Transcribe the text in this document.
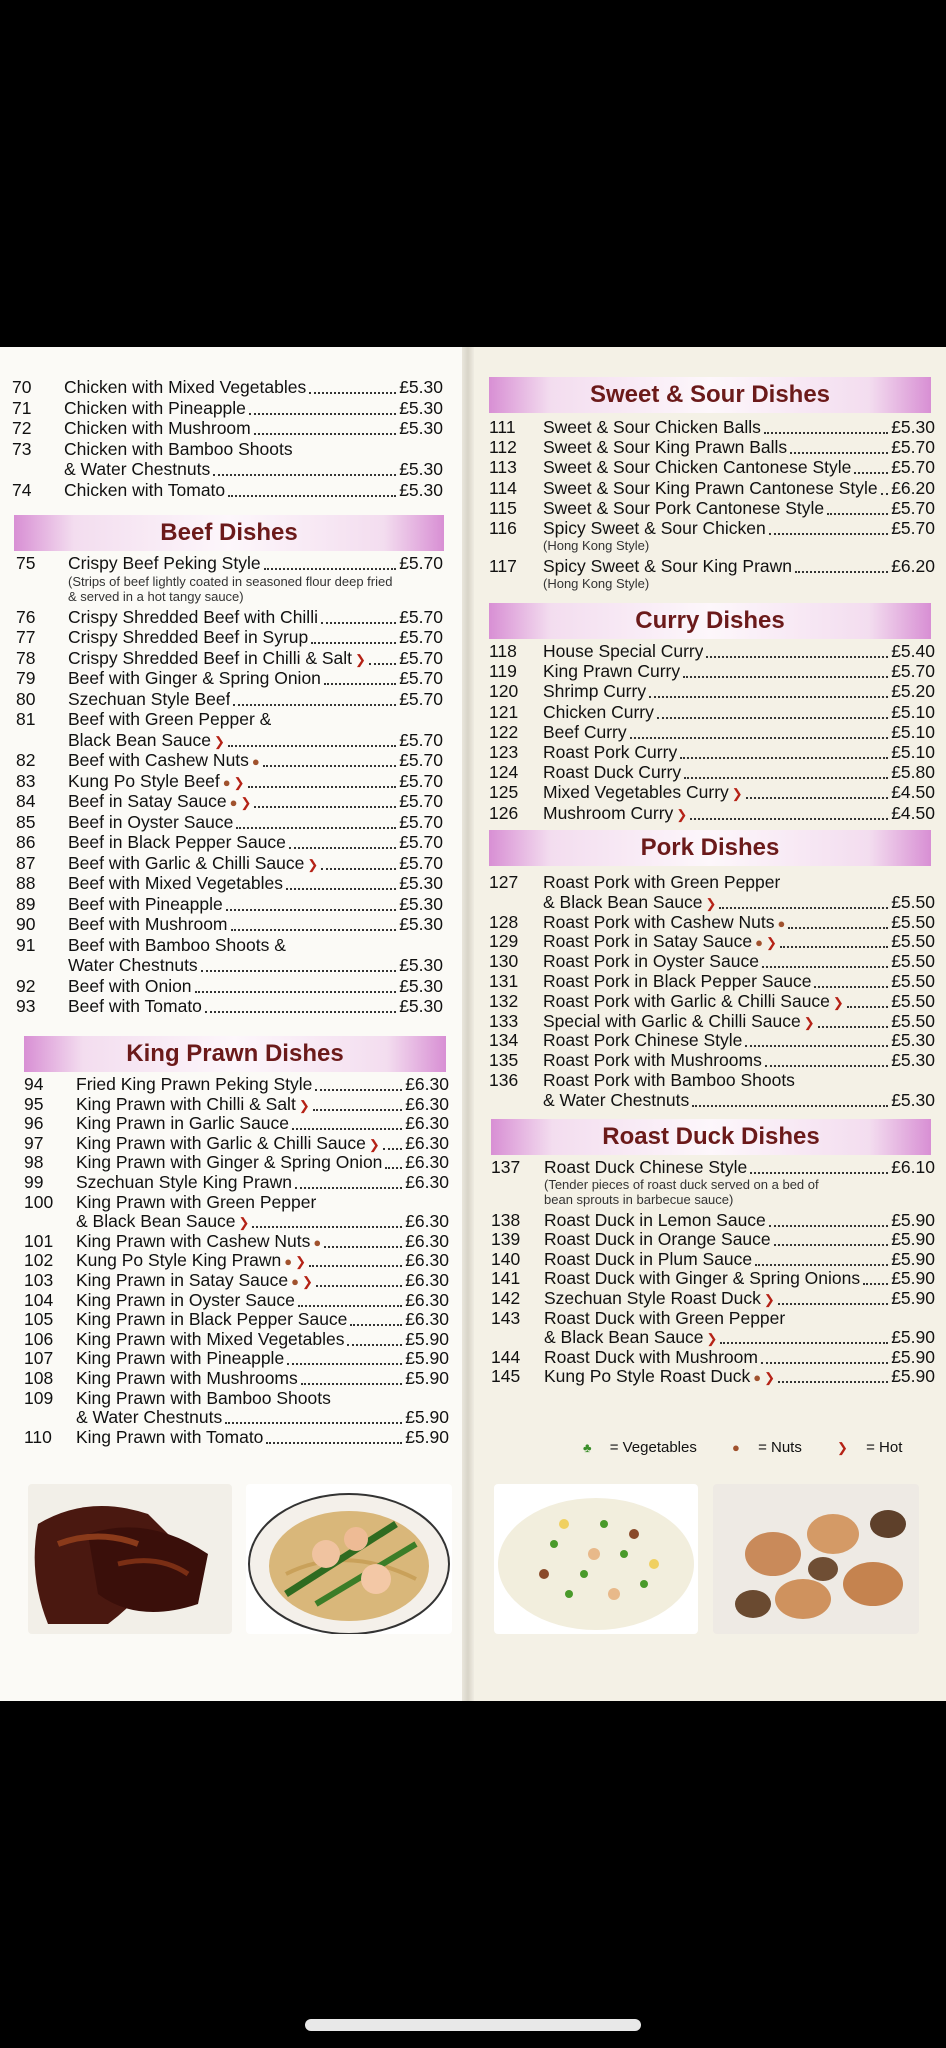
70 Chicken with Mixed Vegetables	£5.30
71 Chicken with Pineapple	£5.30
72 Chicken with Mushroom	£5.30
73 Chicken with Bamboo Shoots
& Water Chestnuts	£5.30
74 Chicken with Tomato	£5.30
Beef Dishes
75 Crispy Beef Peking Style	£5.70
(Strips of beef lightly coated in seasoned flour deep fried
& served in a hot tangy sauce)
76 Crispy Shredded Beef with Chilli	£5.70
77 Crispy Shredded Beef in Syrup	£5.70
78 Crispy Shredded Beef in Chilli & Salt ❯ £5.70
79 Beef with Ginger & Spring Onion	£5.70
80 Szechuan Style Beef	£5.70
81 Beef with Green Pepper &
Black Bean Sauce ❯	£5.70
82 Beef with Cashew Nuts ●	£5.70
83 Kung Po Style Beef ● ❯	£5.70
84 Beef in Satay Sauce ● ❯	£5.70
85 Beef in Oyster Sauce	£5.70
86 Beef in Black Pepper Sauce	£5.70
87 Beef with Garlic & Chilli Sauce ❯	£5.70
88 Beef with Mixed Vegetables	£5.30
89 Beef with Pineapple	£5.30
90 Beef with Mushroom	£5.30
91 Beef with Bamboo Shoots &
Water Chestnuts	£5.30
92 Beef with Onion	£5.30
93 Beef with Tomato	£5.30
King Prawn Dishes
94 Fried King Prawn Peking Style	£6.30
95 King Prawn with Chilli & Salt ❯	£6.30
96 King Prawn in Garlic Sauce	£6.30
97 King Prawn with Garlic & Chilli Sauce ❯ £6.30
98 King Prawn with Ginger & Spring Onion £6.30
99 Szechuan Style King Prawn	£6.30
100 King Prawn with Green Pepper
& Black Bean Sauce ❯	£6.30
101 King Prawn with Cashew Nuts ●	£6.30
102 Kung Po Style King Prawn ● ❯	£6.30
103 King Prawn in Satay Sauce ● ❯	£6.30
104 King Prawn in Oyster Sauce	£6.30
105 King Prawn in Black Pepper Sauce	£6.30
106 King Prawn with Mixed Vegetables	£5.90
107 King Prawn with Pineapple	£5.90
108 King Prawn with Mushrooms	£5.90
109 King Prawn with Bamboo Shoots
& Water Chestnuts	£5.90
110 King Prawn with Tomato	£5.90
Sweet & Sour Dishes
111 Sweet & Sour Chicken Balls	£5.30
112 Sweet & Sour King Prawn Balls	£5.70
113 Sweet & Sour Chicken Cantonese Style £5.70
114 Sweet & Sour King Prawn Cantonese Style £6.20
115 Sweet & Sour Pork Cantonese Style	£5.70
116 Spicy Sweet & Sour Chicken	£5.70
(Hong Kong Style)
117 Spicy Sweet & Sour King Prawn	£6.20
(Hong Kong Style)
Curry Dishes
118 House Special Curry	£5.40
119 King Prawn Curry	£5.70
120 Shrimp Curry	£5.20
121 Chicken Curry	£5.10
122 Beef Curry	£5.10
123 Roast Pork Curry	£5.10
124 Roast Duck Curry	£5.80
125 Mixed Vegetables Curry ❯	£4.50
126 Mushroom Curry ❯	£4.50
Pork Dishes
127 Roast Pork with Green Pepper
& Black Bean Sauce ❯	£5.50
128 Roast Pork with Cashew Nuts ●	£5.50
129 Roast Pork in Satay Sauce ● ❯	£5.50
130 Roast Pork in Oyster Sauce	£5.50
131 Roast Pork in Black Pepper Sauce	£5.50
132 Roast Pork with Garlic & Chilli Sauce ❯	£5.50
133 Special with Garlic & Chilli Sauce ❯	£5.50
134 Roast Pork Chinese Style	£5.30
135 Roast Pork with Mushrooms	£5.30
136 Roast Pork with Bamboo Shoots
& Water Chestnuts	£5.30
Roast Duck Dishes
137 Roast Duck Chinese Style	£6.10
(Tender pieces of roast duck served on a bed of
bean sprouts in barbecue sauce)
138 Roast Duck in Lemon Sauce	£5.90
139 Roast Duck in Orange Sauce	£5.90
140 Roast Duck in Plum Sauce	£5.90
141 Roast Duck with Ginger & Spring Onions £5.90
142 Szechuan Style Roast Duck ❯	£5.90
143 Roast Duck with Green Pepper
& Black Bean Sauce ❯	£5.90
144 Roast Duck with Mushroom	£5.90
145 Kung Po Style Roast Duck ● ❯	£5.90
♣ = Vegetables	● = Nuts	❯ = Hot
